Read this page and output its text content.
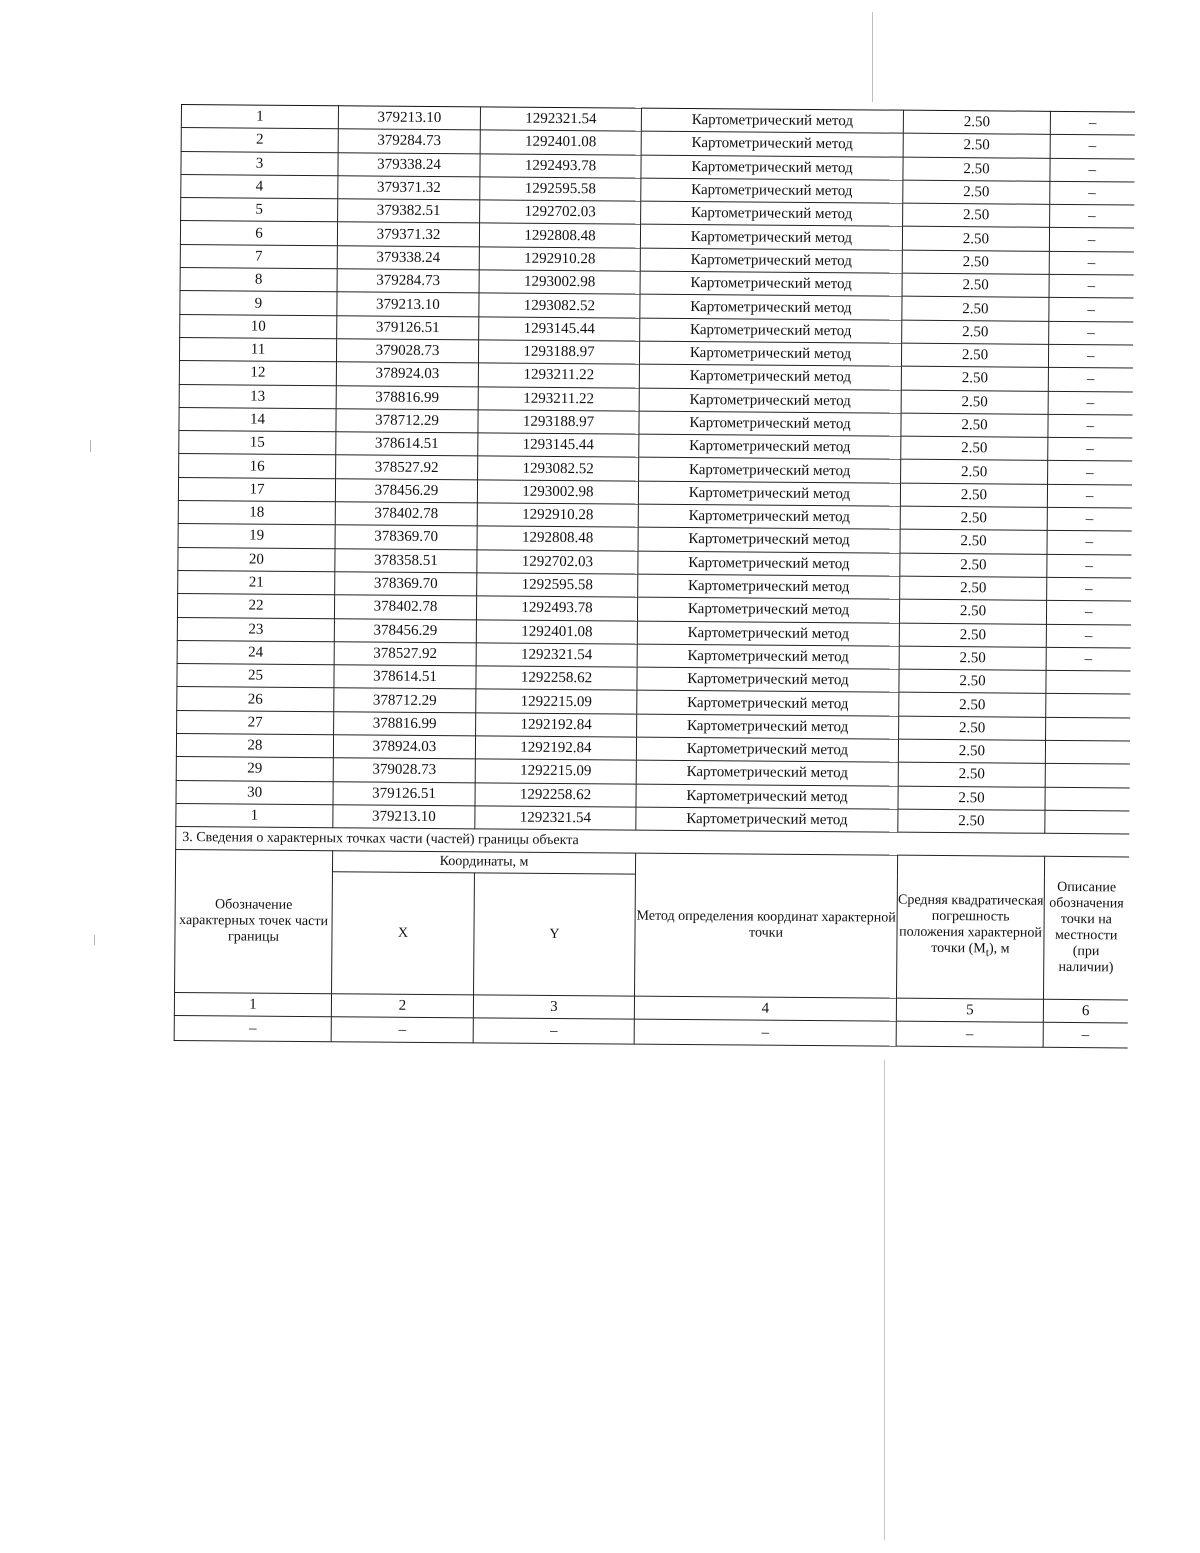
1	379213.10	1292321.54	Картометрический метод	2.50	–
2	379284.73	1292401.08	Картометрический метод	2.50	–
3	379338.24	1292493.78	Картометрический метод	2.50	–
4	379371.32	1292595.58	Картометрический метод	2.50	–
5	379382.51	1292702.03	Картометрический метод	2.50	–
6	379371.32	1292808.48	Картометрический метод	2.50	–
7	379338.24	1292910.28	Картометрический метод	2.50	–
8	379284.73	1293002.98	Картометрический метод	2.50	–
9	379213.10	1293082.52	Картометрический метод	2.50	–
10	379126.51	1293145.44	Картометрический метод	2.50	–
11	379028.73	1293188.97	Картометрический метод	2.50	–
12	378924.03	1293211.22	Картометрический метод	2.50	–
13	378816.99	1293211.22	Картометрический метод	2.50	–
14	378712.29	1293188.97	Картометрический метод	2.50	–
15	378614.51	1293145.44	Картометрический метод	2.50	–
16	378527.92	1293082.52	Картометрический метод	2.50	–
17	378456.29	1293002.98	Картометрический метод	2.50	–
18	378402.78	1292910.28	Картометрический метод	2.50	–
19	378369.70	1292808.48	Картометрический метод	2.50	–
20	378358.51	1292702.03	Картометрический метод	2.50	–
21	378369.70	1292595.58	Картометрический метод	2.50	–
22	378402.78	1292493.78	Картометрический метод	2.50	–
23	378456.29	1292401.08	Картометрический метод	2.50	–
24	378527.92	1292321.54	Картометрический метод	2.50	–
25	378614.51	1292258.62	Картометрический метод	2.50	
26	378712.29	1292215.09	Картометрический метод	2.50	
27	378816.99	1292192.84	Картометрический метод	2.50	
28	378924.03	1292192.84	Картометрический метод	2.50	
29	379028.73	1292215.09	Картометрический метод	2.50	
30	379126.51	1292258.62	Картометрический метод	2.50	
1	379213.10	1292321.54	Картометрический метод	2.50	
3. Сведения о характерных точках части (частей) границы объекта
Обозначение характерных точек части границы	Координаты, м		Метод определения координат характерной точки	Средняя квадратическая погрешность положения характерной точки $(M_t)$, м	Описание обозначения точки на местности (при наличии)
	X	Y			
1	2	3	4	5	6
–	–	–	–	–	–
